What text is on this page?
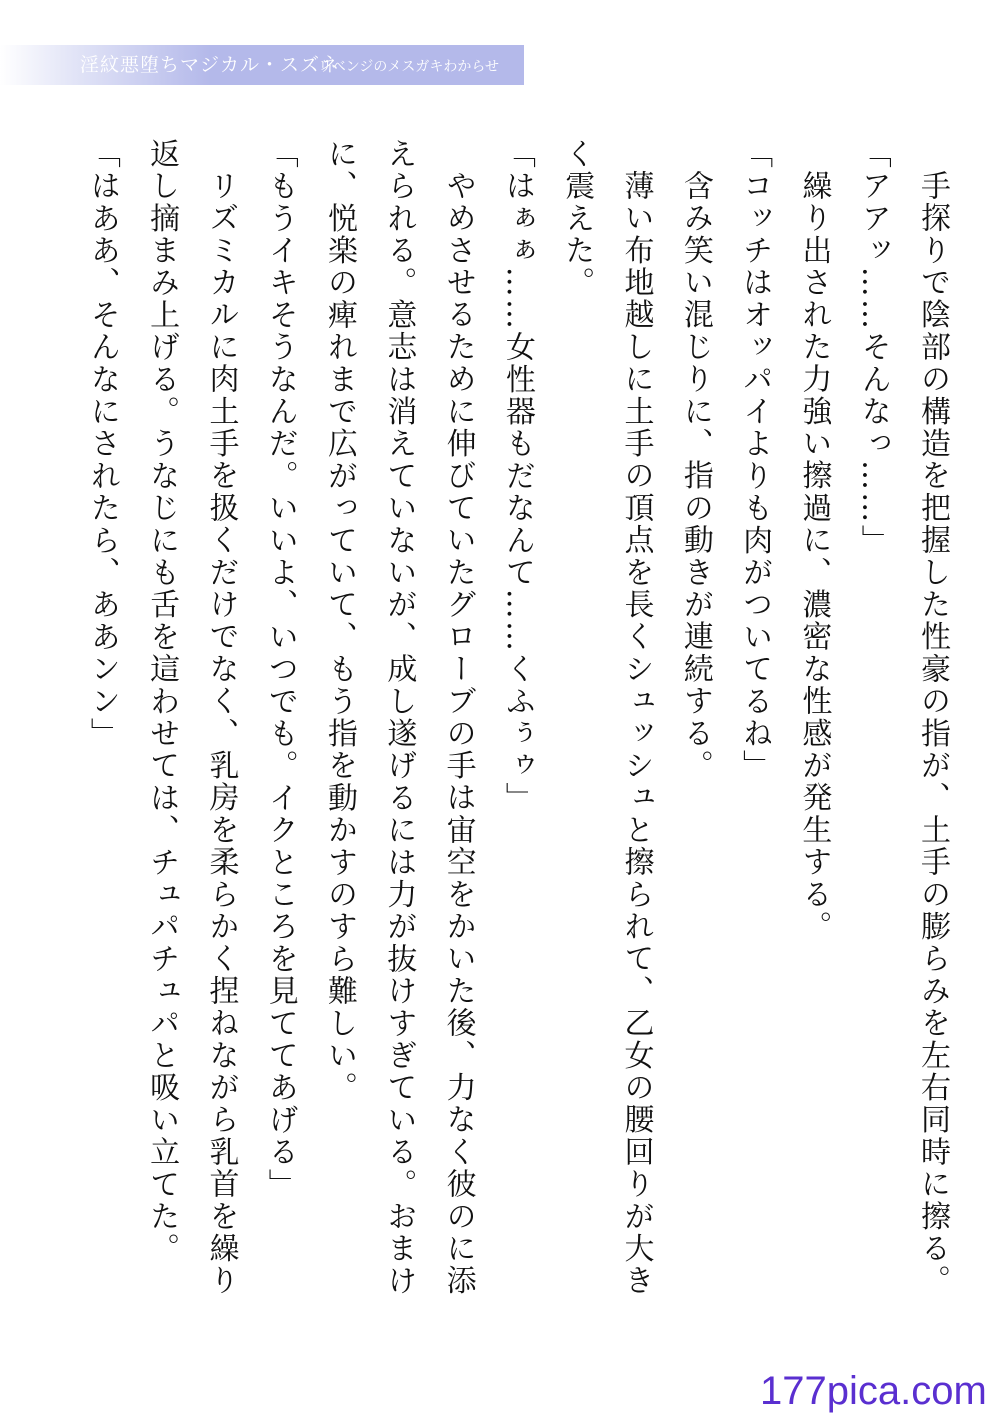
淫紋悪堕ちマジカル・スズネ
リベンジのメスガキわからせ
手探りで陰部の構造を把握した性豪の指が、土手の膨らみを左右同時に擦る。
「アアッ……そんなっ……」
繰り出された力強い擦過に、濃密な性感が発生する。
「コッチはオッパイよりも肉がついてるね」
含み笑い混じりに、指の動きが連続する。
薄い布地越しに土手の頂点を長くシュッシュと擦られて、乙女の腰回りが大き
く震えた。
「はぁぁ……女性器もだなんて……くふぅゥ」
やめさせるために伸びていたグローブの手は宙空をかいた後、力なく彼のに添
えられる。意志は消えていないが、成し遂げるには力が抜けすぎている。おまけ
に、悦楽の痺れまで広がっていて、もう指を動かすのすら難しい。
「もうイキそうなんだ。いいよ、いつでも。イクところを見ててあげる」
リズミカルに肉土手を扱くだけでなく、乳房を柔らかく捏ねながら乳首を繰り
返し摘まみ上げる。うなじにも舌を這わせては、チュパチュパと吸い立てた。
「はああ、そんなにされたら、ああンン」
177pica.com
